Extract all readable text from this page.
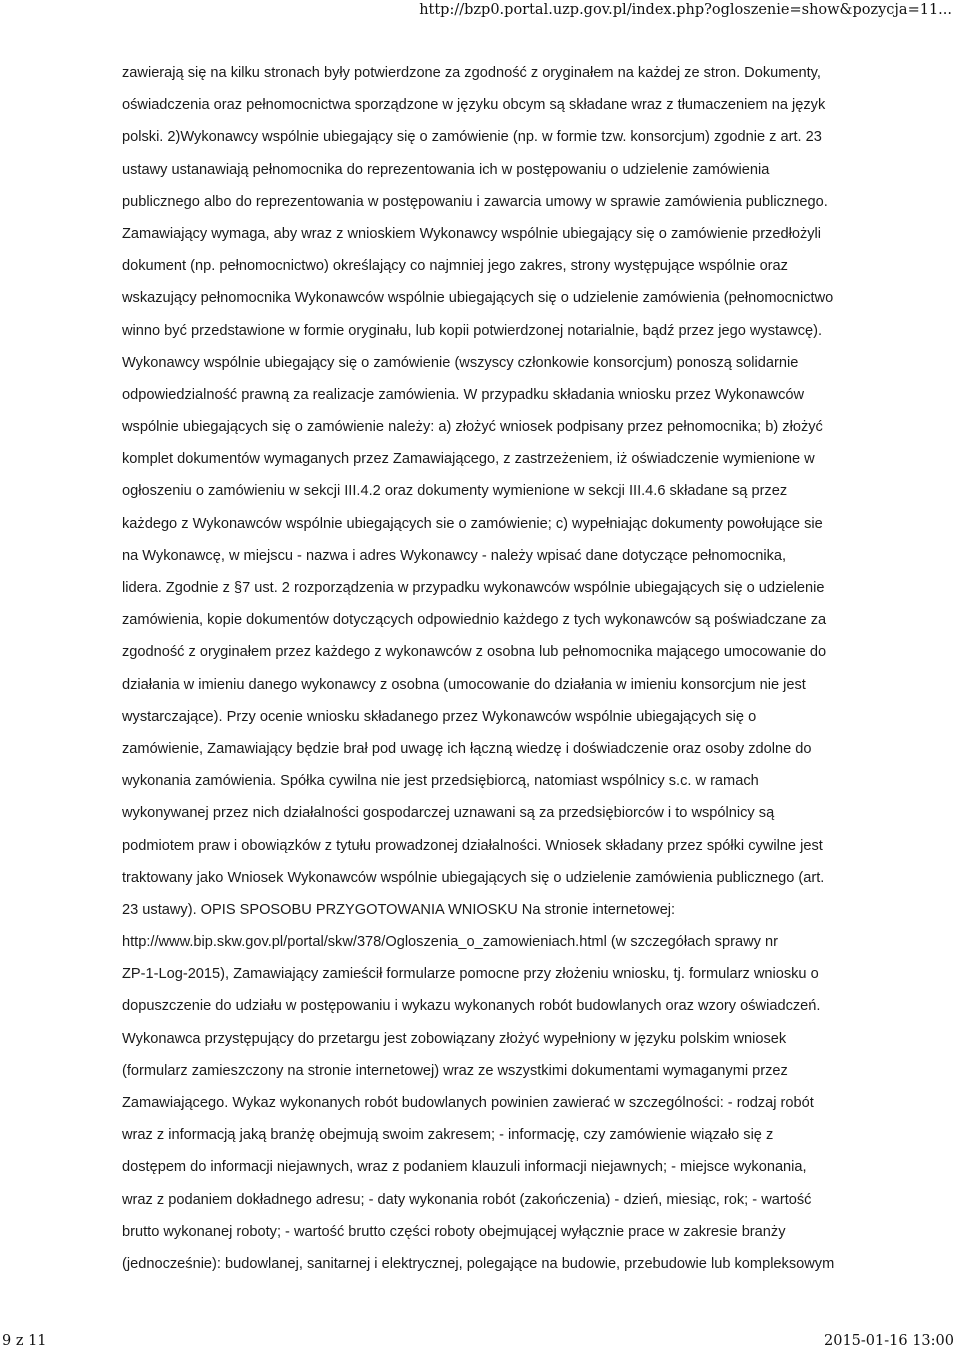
http://bzp0.portal.uzp.gov.pl/index.php?ogloszenie=show&pozycja=11...
zawierają się na kilku stronach były potwierdzone za zgodność z oryginałem na każdej ze stron. Dokumenty,
oświadczenia oraz pełnomocnictwa sporządzone w języku obcym są składane wraz z tłumaczeniem na język
polski. 2)Wykonawcy wspólnie ubiegający się o zamówienie (np. w formie tzw. konsorcjum) zgodnie z art. 23
ustawy ustanawiają pełnomocnika do reprezentowania ich w postępowaniu o udzielenie zamówienia
publicznego albo do reprezentowania w postępowaniu i zawarcia umowy w sprawie zamówienia publicznego.
Zamawiający wymaga, aby wraz z wnioskiem Wykonawcy wspólnie ubiegający się o zamówienie przedłożyli
dokument (np. pełnomocnictwo) określający co najmniej jego zakres, strony występujące wspólnie oraz
wskazujący pełnomocnika Wykonawców wspólnie ubiegających się o udzielenie zamówienia (pełnomocnictwo
winno być przedstawione w formie oryginału, lub kopii potwierdzonej notarialnie, bądź przez jego wystawcę).
Wykonawcy wspólnie ubiegający się o zamówienie (wszyscy członkowie konsorcjum) ponoszą solidarnie
odpowiedzialność prawną za realizacje zamówienia. W przypadku składania wniosku przez Wykonawców
wspólnie ubiegających się o zamówienie należy: a) złożyć wniosek podpisany przez pełnomocnika; b) złożyć
komplet dokumentów wymaganych przez Zamawiającego, z zastrzeżeniem, iż oświadczenie wymienione w
ogłoszeniu o zamówieniu w sekcji III.4.2 oraz dokumenty wymienione w sekcji III.4.6 składane są przez
każdego z Wykonawców wspólnie ubiegających sie o zamówienie; c) wypełniając dokumenty powołujące sie
na Wykonawcę, w miejscu - nazwa i adres Wykonawcy - należy wpisać dane dotyczące pełnomocnika,
lidera. Zgodnie z §7 ust. 2 rozporządzenia w przypadku wykonawców wspólnie ubiegających się o udzielenie
zamówienia, kopie dokumentów dotyczących odpowiednio każdego z tych wykonawców są poświadczane za
zgodność z oryginałem przez każdego z wykonawców z osobna lub pełnomocnika mającego umocowanie do
działania w imieniu danego wykonawcy z osobna (umocowanie do działania w imieniu konsorcjum nie jest
wystarczające). Przy ocenie wniosku składanego przez Wykonawców wspólnie ubiegających się o
zamówienie, Zamawiający będzie brał pod uwagę ich łączną wiedzę i doświadczenie oraz osoby zdolne do
wykonania zamówienia. Spółka cywilna nie jest przedsiębiorcą, natomiast wspólnicy s.c. w ramach
wykonywanej przez nich działalności gospodarczej uznawani są za przedsiębiorców i to wspólnicy są
podmiotem praw i obowiązków z tytułu prowadzonej działalności. Wniosek składany przez spółki cywilne jest
traktowany jako Wniosek Wykonawców wspólnie ubiegających się o udzielenie zamówienia publicznego (art.
23 ustawy). OPIS SPOSOBU PRZYGOTOWANIA WNIOSKU Na stronie internetowej:
http://www.bip.skw.gov.pl/portal/skw/378/Ogloszenia_o_zamowieniach.html (w szczegółach sprawy nr
ZP-1-Log-2015), Zamawiający zamieścił formularze pomocne przy złożeniu wniosku, tj. formularz wniosku o
dopuszczenie do udziału w postępowaniu i wykazu wykonanych robót budowlanych oraz wzory oświadczeń.
Wykonawca przystępujący do przetargu jest zobowiązany złożyć wypełniony w języku polskim wniosek
(formularz zamieszczony na stronie internetowej) wraz ze wszystkimi dokumentami wymaganymi przez
Zamawiającego. Wykaz wykonanych robót budowlanych powinien zawierać w szczególności: - rodzaj robót
wraz z informacją jaką branżę obejmują swoim zakresem; - informację, czy zamówienie wiązało się z
dostępem do informacji niejawnych, wraz z podaniem klauzuli informacji niejawnych; - miejsce wykonania,
wraz z podaniem dokładnego adresu; - daty wykonania robót (zakończenia) - dzień, miesiąc, rok; - wartość
brutto wykonanej roboty; - wartość brutto części roboty obejmującej wyłącznie prace w zakresie branży
(jednocześnie): budowlanej, sanitarnej i elektrycznej, polegające na budowie, przebudowie lub kompleksowym
9 z 11	2015-01-16 13:00
